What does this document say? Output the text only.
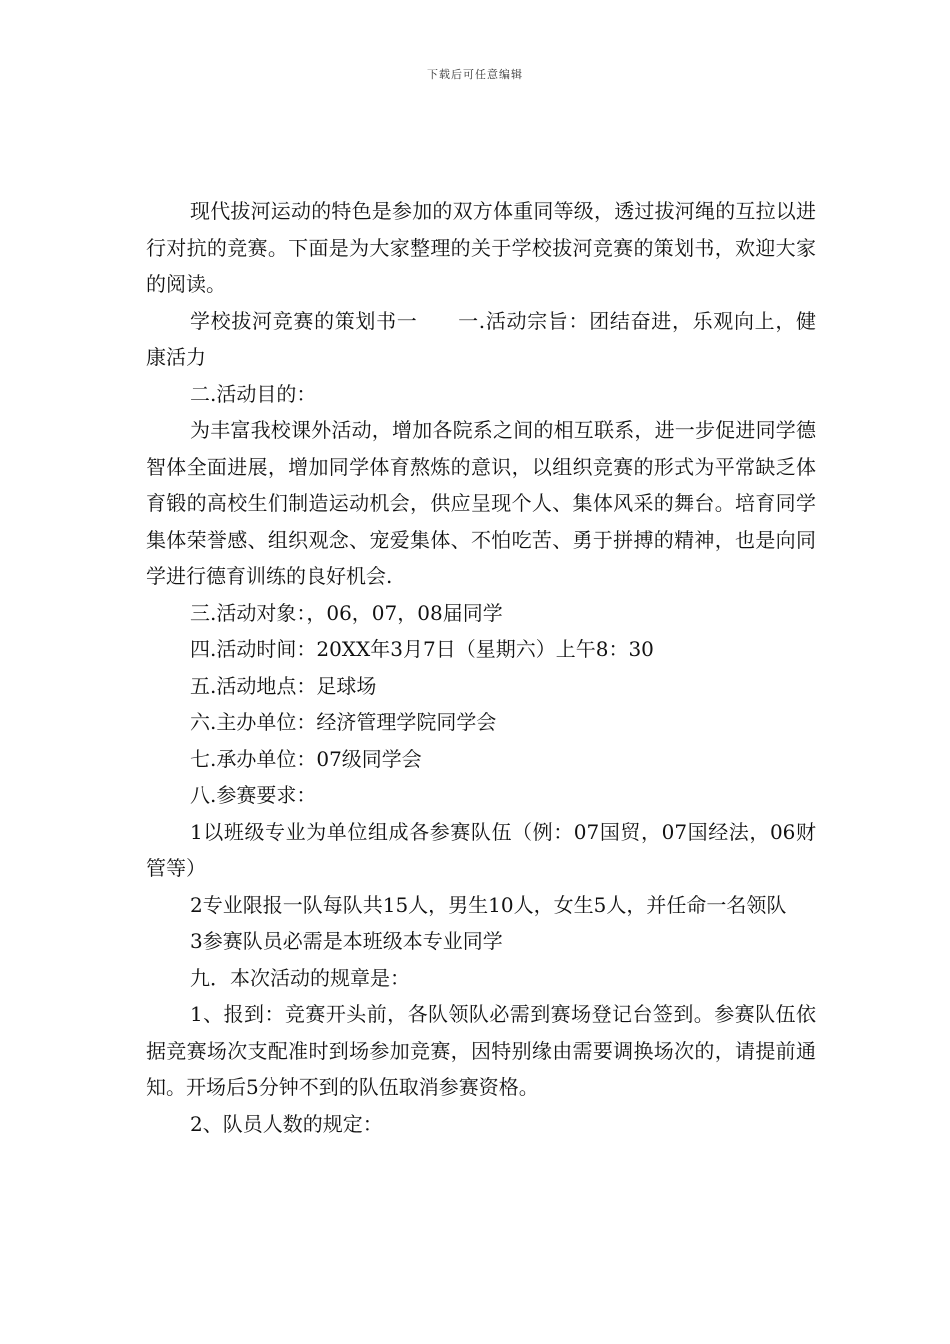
下载后可任意编辑

现代拔河运动的特色是参加的双方体重同等级，透过拔河绳的互拉以进行对抗的竞赛。下面是为大家整理的关于学校拔河竞赛的策划书，欢迎大家的阅读。

学校拔河竞赛的策划书一 一.活动宗旨：团结奋进，乐观向上，健康活力

二.活动目的：

为丰富我校课外活动，增加各院系之间的相互联系，进一步促进同学德智体全面进展，增加同学体育熬炼的意识，以组织竞赛的形式为平常缺乏体育锻的高校生们制造运动机会，供应呈现个人、集体风采的舞台。培育同学集体荣誉感、组织观念、宠爱集体、不怕吃苦、勇于拼搏的精神，也是向同学进行德育训练的良好机会.

三.活动对象：，06，07，08届同学

四.活动时间：20XX年3月7日（星期六）上午8：30

五.活动地点：足球场

六.主办单位：经济管理学院同学会

七.承办单位：07级同学会

八.参赛要求：

1以班级专业为单位组成各参赛队伍（例：07国贸，07国经法，06财管等）

2专业限报一队每队共15人，男生10人，女生5人，并任命一名领队

3参赛队员必需是本班级本专业同学

九．本次活动的规章是：

1、报到：竞赛开头前，各队领队必需到赛场登记台签到。参赛队伍依据竞赛场次支配准时到场参加竞赛，因特别缘由需要调换场次的，请提前通知。开场后5分钟不到的队伍取消参赛资格。

2、队员人数的规定：
